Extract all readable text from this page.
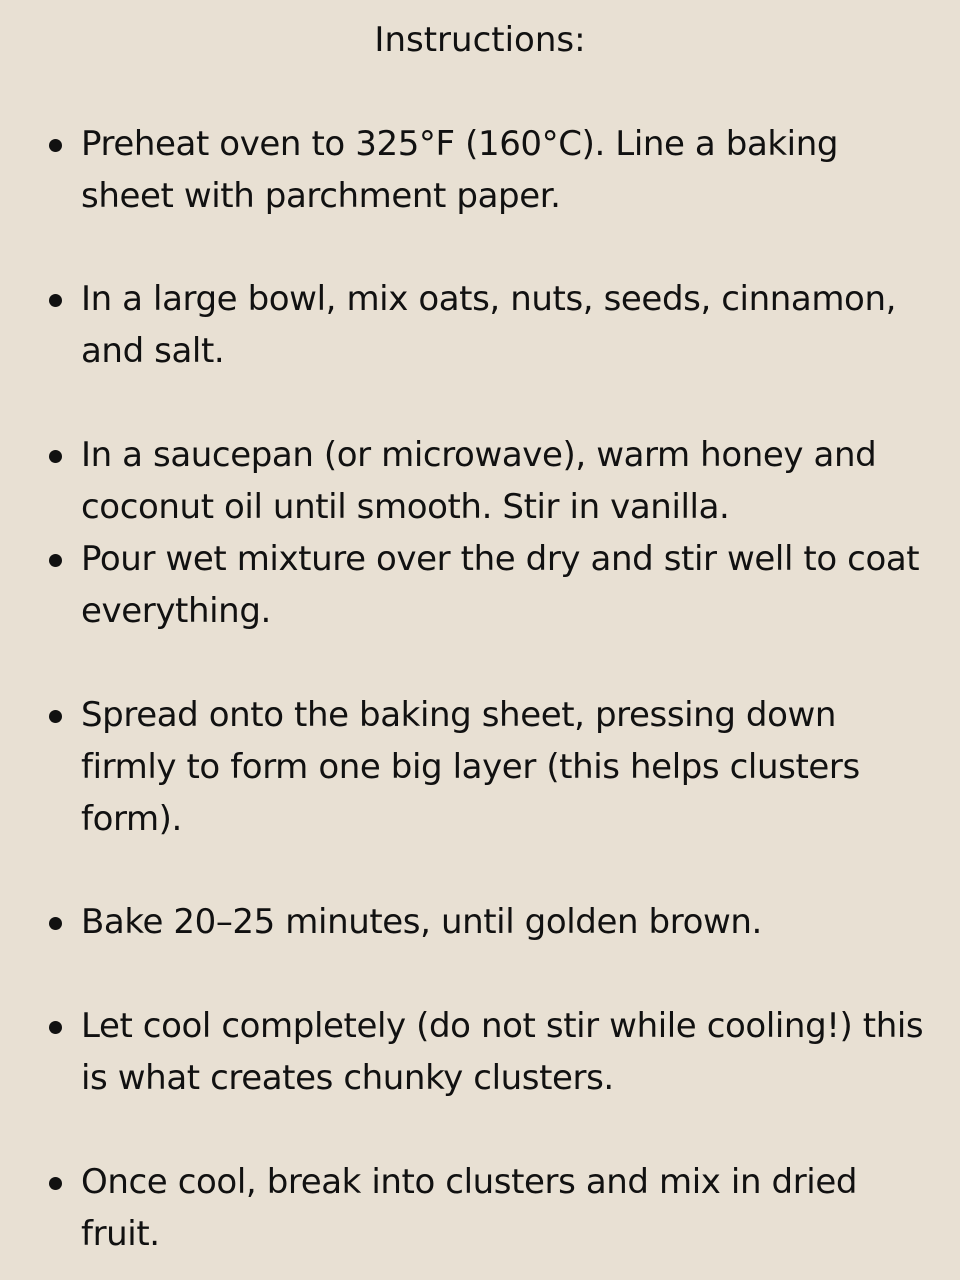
Instructions:
Preheat oven to 325°F (160°C). Line a baking sheet with parchment paper.
In a large bowl, mix oats, nuts, seeds, cinnamon, and salt.
In a saucepan (or microwave), warm honey and coconut oil until smooth. Stir in vanilla.
Pour wet mixture over the dry and stir well to coat everything.
Spread onto the baking sheet, pressing down firmly to form one big layer (this helps clusters form).
Bake 20–25 minutes, until golden brown.
Let cool completely (do not stir while cooling!) this is what creates chunky clusters.
Once cool, break into clusters and mix in dried fruit.
